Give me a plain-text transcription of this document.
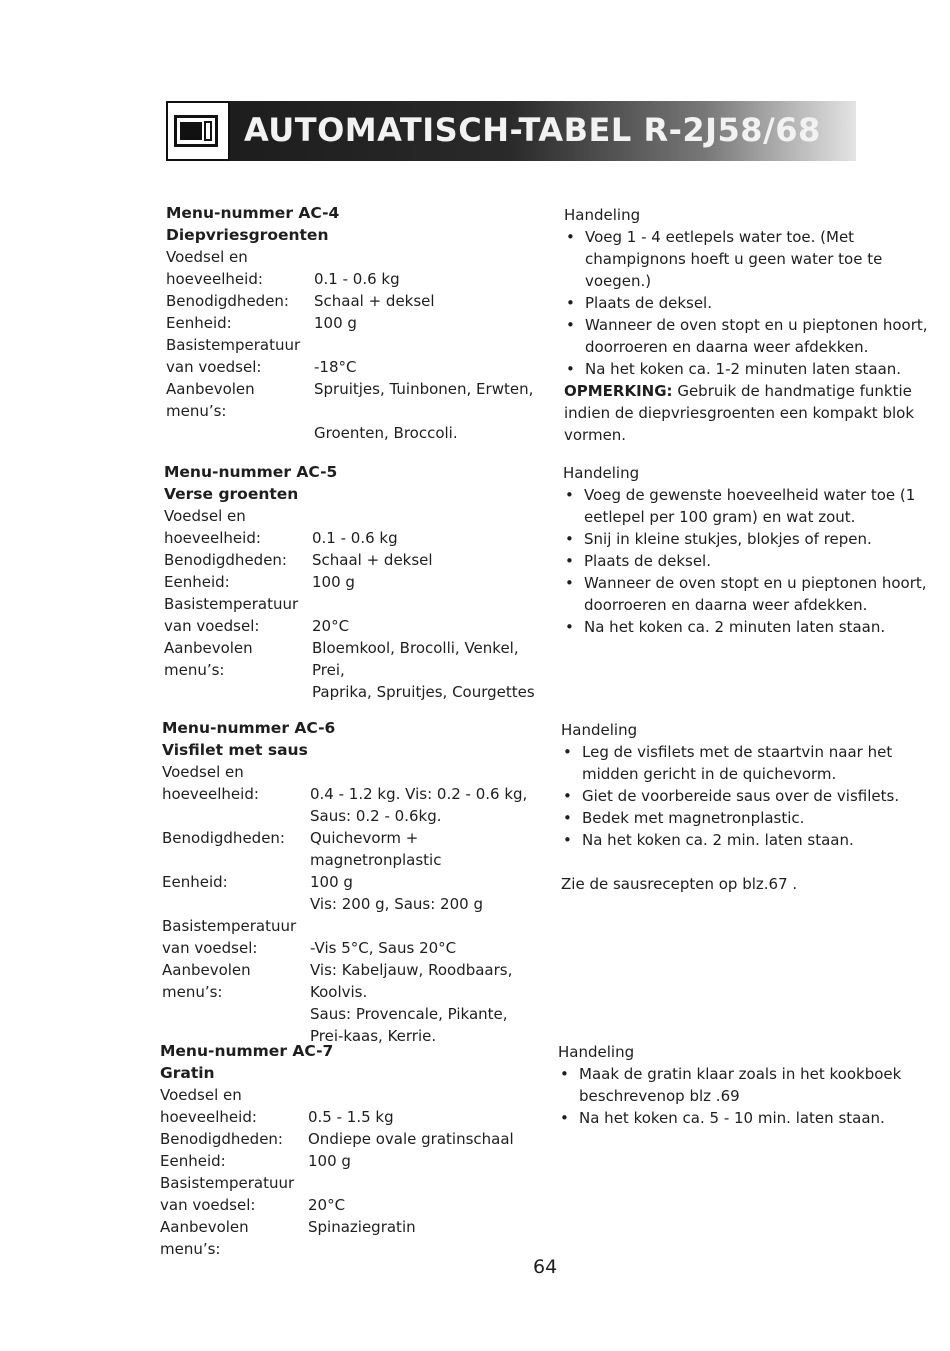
AUTOMATISCH-TABEL R-2J58/68
Menu-nummer AC-4
Diepvriesgroenten
Voedsel en
hoeveelheid:	0.1 - 0.6 kg
Benodigdheden:	Schaal + deksel
Eenheid:	100 g
Basistemperatuur
van voedsel:	-18°C
Aanbevolen menu’s:
Spruitjes, Tuinbonen, Erwten,
Groenten, Broccoli.
Handeling
• Voeg 1 - 4 eetlepels water toe. (Met champignons hoeft u geen water toe te voegen.)
• Plaats de deksel.
• Wanneer de oven stopt en u pieptonen hoort, doorroeren en daarna weer afdekken.
• Na het koken ca. 1-2 minuten laten staan.
OPMERKING: Gebruik de handmatige funktie indien de diepvriesgroenten een kompakt blok vormen.
Menu-nummer AC-5
Verse groenten
Voedsel en
hoeveelheid:	0.1 - 0.6 kg
Benodigdheden:	Schaal + deksel
Eenheid:	100 g
Basistemperatuur
van voedsel:	20°C
Aanbevolen menu’s:
Bloemkool, Brocolli, Venkel, Prei,
Paprika, Spruitjes, Courgettes
Handeling
• Voeg de gewenste hoeveelheid water toe (1 eetlepel per 100 gram) en wat zout.
• Snij in kleine stukjes, blokjes of repen.
• Plaats de deksel.
• Wanneer de oven stopt en u pieptonen hoort, doorroeren en daarna weer afdekken.
• Na het koken ca. 2 minuten laten staan.
Menu-nummer AC-6
Visfilet met saus
Voedsel en
hoeveelheid:	0.4 - 1.2 kg. Vis: 0.2 - 0.6 kg,
Saus: 0.2 - 0.6kg.
Benodigdheden:	Quichevorm + magnetronplastic
Eenheid:	100 g
Vis: 200 g, Saus: 200 g
Basistemperatuur
van voedsel:	-Vis 5°C, Saus 20°C
Aanbevolen menu’s:
Vis: Kabeljauw, Roodbaars, Koolvis.
Saus: Provencale, Pikante,
Prei-kaas, Kerrie.
Handeling
• Leg de visfilets met de staartvin naar het midden gericht in de quichevorm.
• Giet de voorbereide saus over de visfilets.
• Bedek met magnetronplastic.
• Na het koken ca. 2 min. laten staan.
Zie de sausrecepten op blz.67 .
Menu-nummer AC-7
Gratin
Voedsel en
hoeveelheid:	0.5 - 1.5 kg
Benodigdheden:	Ondiepe ovale gratinschaal
Eenheid:	100 g
Basistemperatuur
van voedsel:	20°C
Aanbevolen menu’s:
Spinaziegratin
Handeling
• Maak de gratin klaar zoals in het kookboek beschrevenop blz .69
• Na het koken ca. 5 - 10 min. laten staan.
64
